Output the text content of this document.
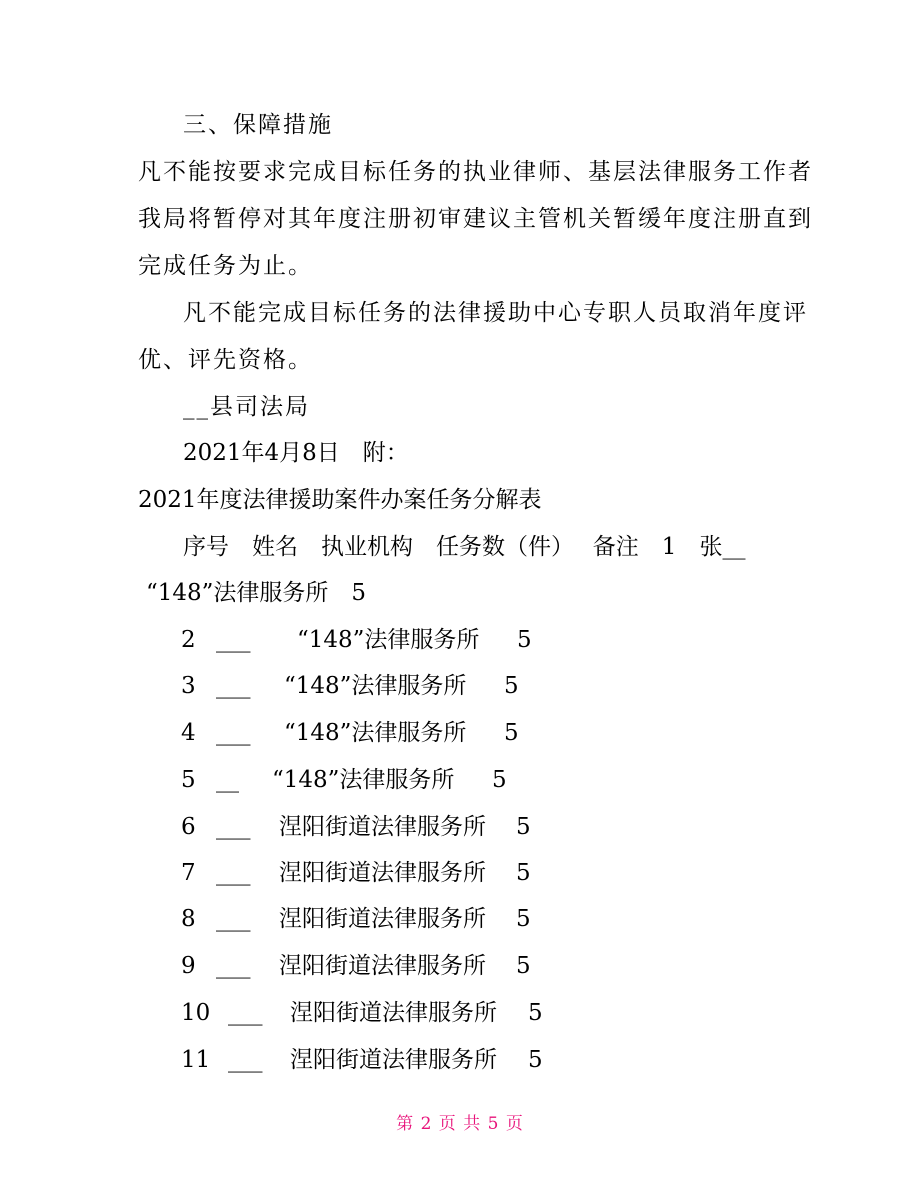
三、保障措施
凡不能按要求完成目标任务的执业律师、基层法律服务工作者
我局将暂停对其年度注册初审建议主管机关暂缓年度注册直到
完成任务为止。
凡不能完成目标任务的法律援助中心专职人员取消年度评
优、评先资格。
__县司法局
2021年4月8日　附：
2021年度法律援助案件办案任务分解表
序号　姓名　执业机构　任务数（件）　 备注　1　张__
“148”法律服务所　5

2

___

“148”法律服务所

5

3

___

“148”法律服务所

5

4

___

“148”法律服务所

5

5

__

“148”法律服务所

5

6

___

涅阳街道法律服务所

5

7

___

涅阳街道法律服务所

5

8

___

涅阳街道法律服务所

5

9

___

涅阳街道法律服务所

5

10

___

涅阳街道法律服务所

5

11

___

涅阳街道法律服务所

5

第 2 页 共 5 页
